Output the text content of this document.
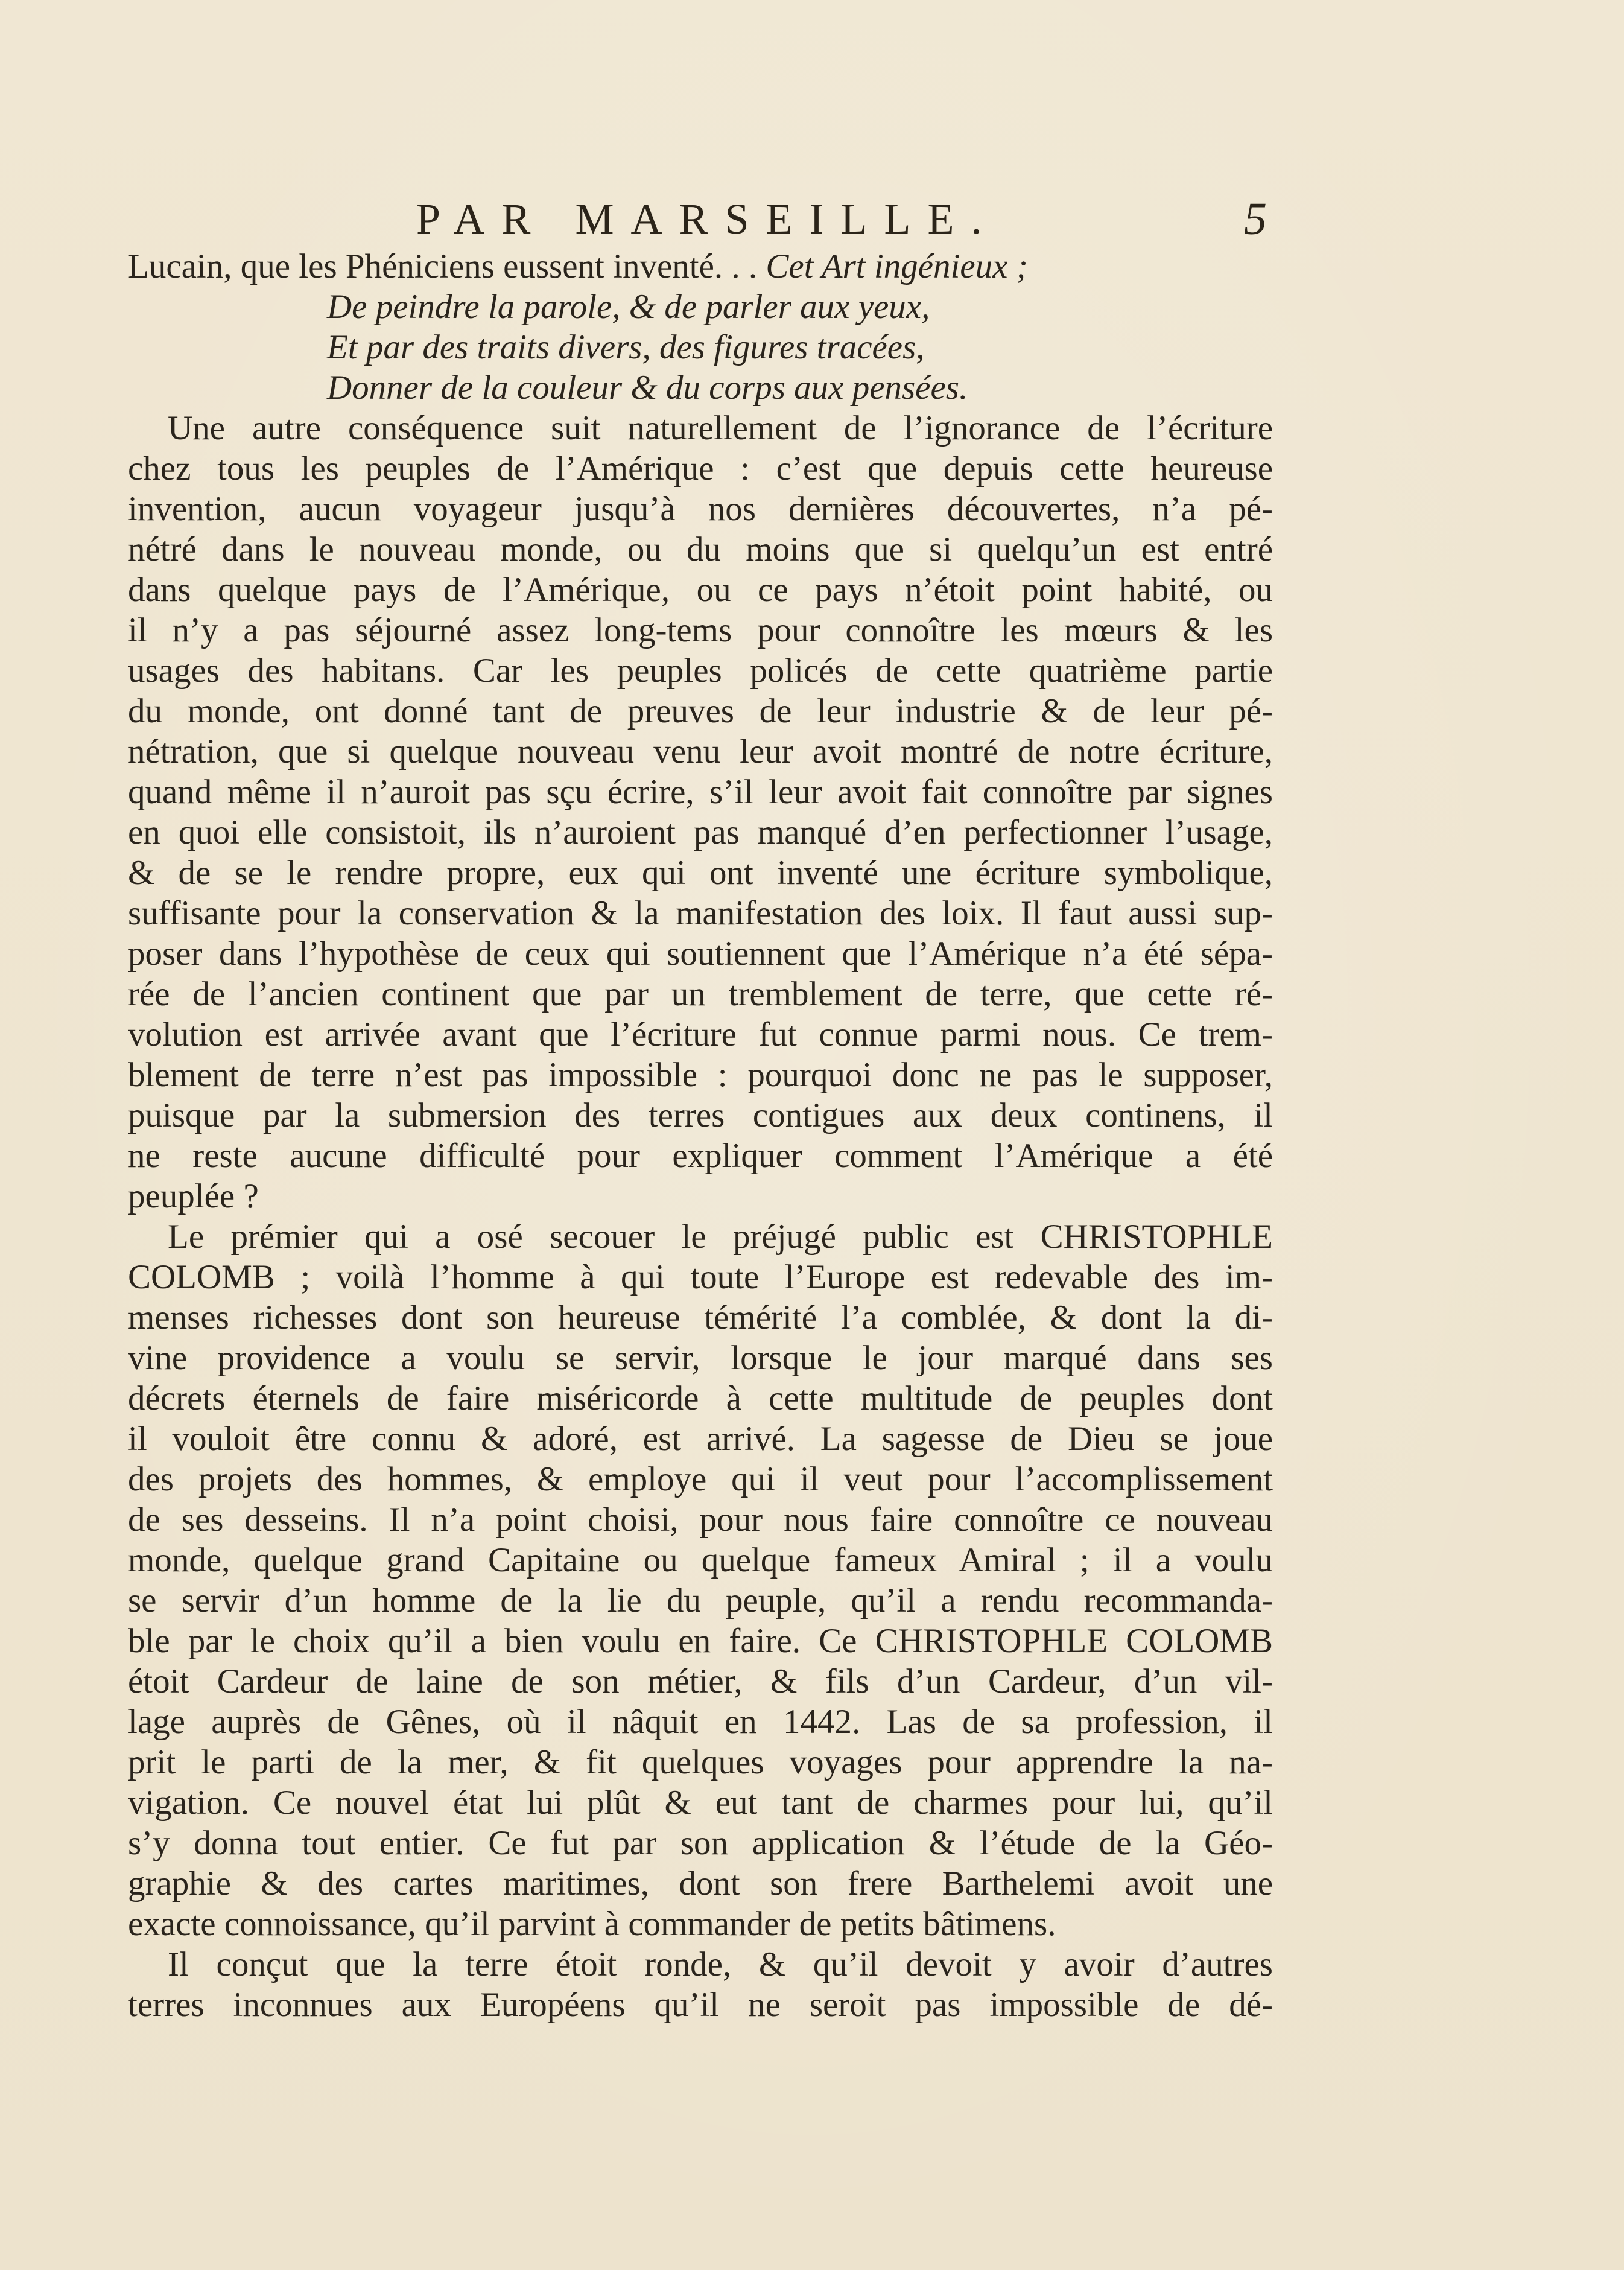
PAR MARSEILLE.	5
Lucain, que les Phéniciens eussent inventé. . . Cet Art ingénieux ;
De peindre la parole, & de parler aux yeux,
Et par des traits divers, des figures tracées,
Donner de la couleur & du corps aux pensées.
Une autre conséquence suit naturellement de l’ignorance de l’écriture
chez tous les peuples de l’Amérique : c’est que depuis cette heureuse
invention, aucun voyageur jusqu’à nos dernières découvertes, n’a pé-
nétré dans le nouveau monde, ou du moins que si quelqu’un est entré
dans quelque pays de l’Amérique, ou ce pays n’étoit point habité, ou
il n’y a pas séjourné assez long-tems pour connoître les mœurs & les
usages des habitans. Car les peuples policés de cette quatrième partie
du monde, ont donné tant de preuves de leur industrie & de leur pé-
nétration, que si quelque nouveau venu leur avoit montré de notre écriture,
quand même il n’auroit pas sçu écrire, s’il leur avoit fait connoître par signes
en quoi elle consistoit, ils n’auroient pas manqué d’en perfectionner l’usage,
& de se le rendre propre, eux qui ont inventé une écriture symbolique,
suffisante pour la conservation & la manifestation des loix. Il faut aussi sup-
poser dans l’hypothèse de ceux qui soutiennent que l’Amérique n’a été sépa-
rée de l’ancien continent que par un tremblement de terre, que cette ré-
volution est arrivée avant que l’écriture fut connue parmi nous. Ce trem-
blement de terre n’est pas impossible : pourquoi donc ne pas le supposer,
puisque par la submersion des terres contigues aux deux continens, il
ne reste aucune difficulté pour expliquer comment l’Amérique a été
peuplée ?
Le prémier qui a osé secouer le préjugé public est CHRISTOPHLE
COLOMB ; voilà l’homme à qui toute l’Europe est redevable des im-
menses richesses dont son heureuse témérité l’a comblée, & dont la di-
vine providence a voulu se servir, lorsque le jour marqué dans ses
décrets éternels de faire miséricorde à cette multitude de peuples dont
il vouloit être connu & adoré, est arrivé. La sagesse de Dieu se joue
des projets des hommes, & employe qui il veut pour l’accomplissement
de ses desseins. Il n’a point choisi, pour nous faire connoître ce nouveau
monde, quelque grand Capitaine ou quelque fameux Amiral ; il a voulu
se servir d’un homme de la lie du peuple, qu’il a rendu recommanda-
ble par le choix qu’il a bien voulu en faire. Ce CHRISTOPHLE COLOMB
étoit Cardeur de laine de son métier, & fils d’un Cardeur, d’un vil-
lage auprès de Gênes, où il nâquit en 1442. Las de sa profession, il
prit le parti de la mer, & fit quelques voyages pour apprendre la na-
vigation. Ce nouvel état lui plût & eut tant de charmes pour lui, qu’il
s’y donna tout entier. Ce fut par son application & l’étude de la Géo-
graphie & des cartes maritimes, dont son frere Barthelemi avoit une
exacte connoissance, qu’il parvint à commander de petits bâtimens.
Il conçut que la terre étoit ronde, & qu’il devoit y avoir d’autres
terres inconnues aux Européens qu’il ne seroit pas impossible de dé-
